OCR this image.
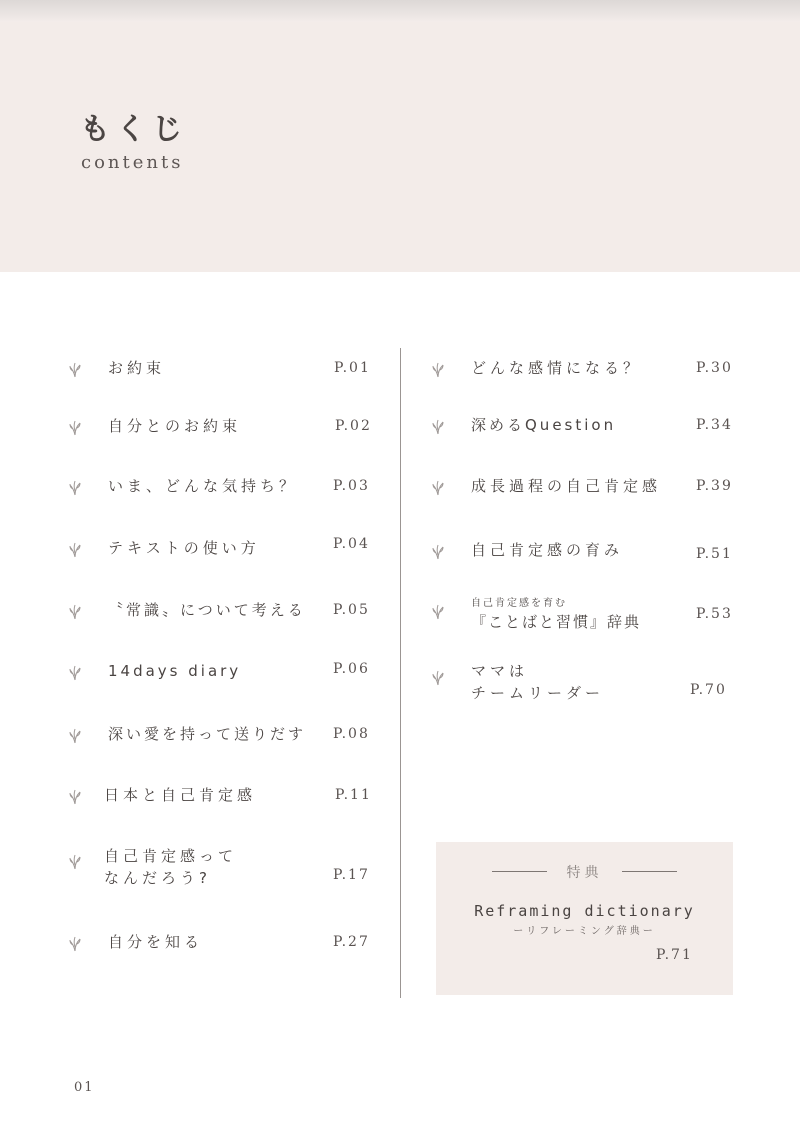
もくじ
contents
お約束	P.01
自分とのお約束	P.02
いま、どんな気持ち？ P.03
テキストの使い方	P.04
〝常識〟について考える P.05
14days diary	P.06
深い愛を持って送りだす P.08
日本と自己肯定感	P.11
自己肯定感って
なんだろう?	P.17
自分を知る	P.27
どんな感情になる？	P.30
深めるQuestion	P.34
成長過程の自己肯定感 P.39
自己肯定感の育み	P.51
自己肯定感を育む
『ことばと習慣』辞典	P.53
ママは
チームリーダー	P.70
特典
Reframing dictionary
ーリフレーミング辞典ー
P.71
01
